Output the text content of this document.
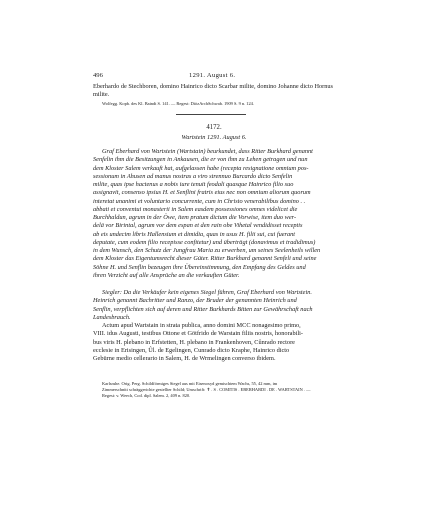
496	1291. August 6.
Eberhardo de Stechboren, domino Hainrico dicto Scarbar milite, domino Johanne dicto Hornus milite.
Wolfegg. Kopb. des Kl. Baindt S. 141. — Regest: DiözArchSchwab. 1909 S. 9 n. 124.
4172.
Wartstein 1291. August 6.
Graf Eberhard von Wartstein (Wartstain) beurkundet, dass Ritter Burkhard genannt
Senfelin ihm die Besitzungen in Ankausen, die er von ihm zu Lehen getragen und nun
dem Kloster Salem verkauft hat, aufgelassen habe (recepta resignatione omnium pos-
sessionum in Ahusen ad manus nostras a viro strennuo Burcardo dicto Senfelin
milite, quas ipse hactenus a nobis iure tenuit feodali quasque Hainrico filio suo
assignavit, consenso ipsius H. et Senflini fratris eius nec non omnium aliorum quorum
interetat unanimi et voluntario concurrente, cum in Christo venerabilibus domino . .
abbati et conventui monasterii in Salem easdem possessiones omnes videlicet die
Burchhaldun, agrum in der Öwe, item pratum dictum die Vorwise, item duo wer-
delä vor Birintal, agrum vor dem espan et den rain obe Vihetal vendidisset receptis
ab eis undecim libris Hallensium et dimidia, quas in usus H. filii sui, cui fuerant
deputate, cum eodem filio recepisse confitetur) und überträgt (donavimus et tradidimus)
in dem Wunsch, den Schutz der Jungfrau Maria zu erwerben, um seines Seelenheils willen
dem Kloster das Eigentumsrecht dieser Güter. Ritter Burkhard genannt Senfeli und seine
Söhne H. und Senflin bezeugen ihre Übereinstimmung, den Empfang des Geldes und
ihren Verzicht auf alle Ansprüche an die verkauften Güter.
Siegler: Da die Verkäufer kein eigenes Siegel führen, Graf Eberhard von Wartstein.
Heinrich genannt Bachritter und Ranzo, der Bruder der genannten Heinrich und
Senflin, verpflichten sich auf deren und Ritter Burkhards Bitten zur Gewährschaft nach
Landesbrauch.
Actum apud Wartstain in strata publica, anno domini MCC nonagesimo primo,
VIII. idus Augusti, testibus Ottone et Götfrido de Warstain filiis nostris, honorabili-
bus viris H. plebano in Erfstetten, H. plebano in Frankenhoven, Cûnrado rectore
ecclesie in Erisingen, Ûl. de Egelingen, Cunrado dicto Kraphe, Hainrico dicto
Gebürne medio cellerario in Salem, H. de Wrmelingen converso ibidem.
Karlsruhe. Orig. Perg. Schildförmiges Siegel aus mit Eisenoxyd gemischtem Wachs, 55, 42 mm, im
Zimmerschnitt schräggerichte gestellter Schild; Umschrift: ✝ . S . COMITIS . EBERHARDI . DE . WARTSTAIN . —
Regest: v. Weech, Cod. dipl. Salem. 2, 409 n. 820.
